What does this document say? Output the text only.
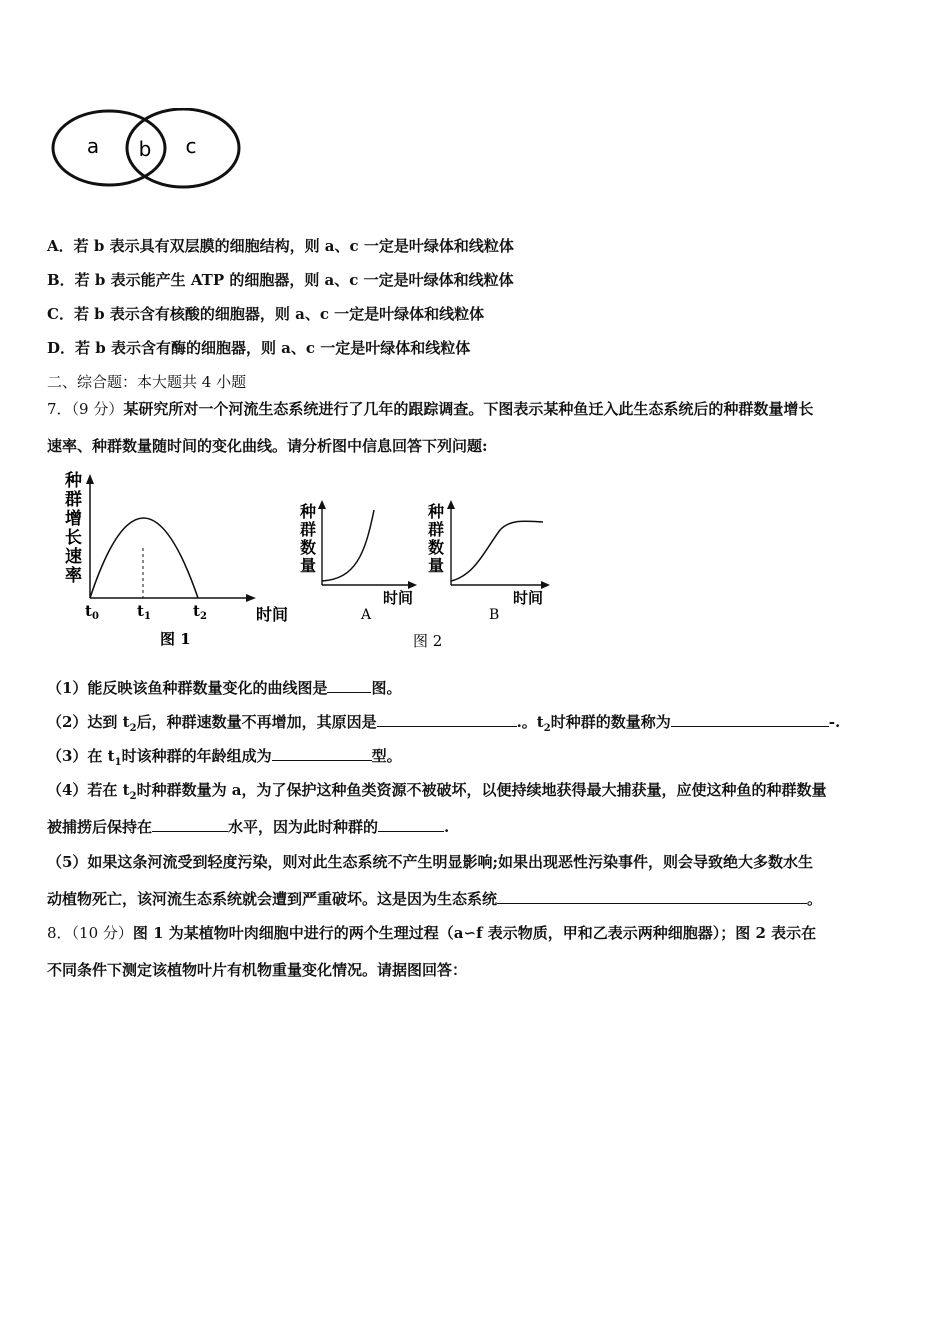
a b c
A．若 b 表示具有双层膜的细胞结构，则 a、c 一定是叶绿体和线粒体
B．若 b 表示能产生 ATP 的细胞器，则 a、c 一定是叶绿体和线粒体
C．若 b 表示含有核酸的细胞器，则 a、c 一定是叶绿体和线粒体
D．若 b 表示含有酶的细胞器，则 a、c 一定是叶绿体和线粒体
二、综合题：本大题共 4 小题
7．（9 分）某研究所对一个河流生态系统进行了几年的跟踪调查。下图表示某种鱼迁入此生态系统后的种群数量增长
速率、种群数量随时间的变化曲线。请分析图中信息回答下列问题:
种
群
增
长
速
率
$t_0$	$t_1$	$t_2$	时间
图 1
种
群
数
量
种
群
数
量
时间
A
时间
B
图 2
（1）能反映该鱼种群数量变化的曲线图是	图。
（2）达到 $t_2$后，种群速数量不再增加，其原因是	.。$t_2$时种群的数量称为	-.
（3）在 $t_1$时该种群的年龄组成为	型。
（4）若在 $t_2$时种群数量为 a，为了保护这种鱼类资源不被破坏，以便持续地获得最大捕获量，应使这种鱼的种群数量
被捕捞后保持在	水平，因为此时种群的	.
（5）如果这条河流受到轻度污染，则对此生态系统不产生明显影响;如果出现恶性污染事件，则会导致绝大多数水生
动植物死亡，该河流生态系统就会遭到严重破坏。这是因为生态系统	。
8．（10 分）图 1 为某植物叶肉细胞中进行的两个生理过程（a∽f 表示物质，甲和乙表示两种细胞器）；图 2 表示在
不同条件下测定该植物叶片有机物重量变化情况。请据图回答：
